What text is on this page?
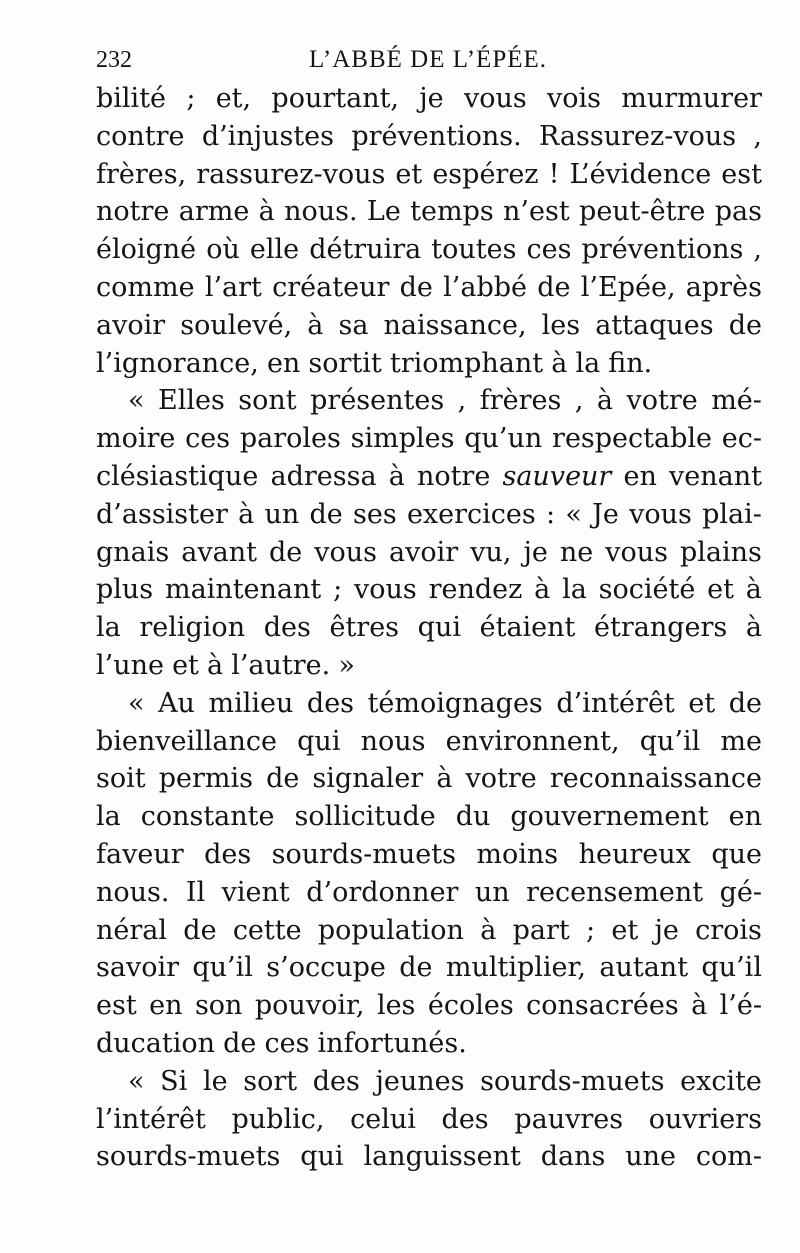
232	L’ABBÉ DE L’ÉPÉE.
bilité ; et, pourtant, je vous vois murmurer
contre d’injustes préventions. Rassurez-vous ,
frères, rassurez-vous et espérez ! L’évidence est
notre arme à nous. Le temps n’est peut-être pas
éloigné où elle détruira toutes ces préventions ,
comme l’art créateur de l’abbé de l’Epée, après
avoir soulevé, à sa naissance, les attaques de
l’ignorance, en sortit triomphant à la fin.
« Elles sont présentes , frères , à votre mé-
moire ces paroles simples qu’un respectable ec-
clésiastique adressa à notre sauveur en venant
d’assister à un de ses exercices : « Je vous plai-
gnais avant de vous avoir vu, je ne vous plains
plus maintenant ; vous rendez à la société et à
la religion des êtres qui étaient étrangers à
l’une et à l’autre. »
« Au milieu des témoignages d’intérêt et de
bienveillance qui nous environnent, qu’il me
soit permis de signaler à votre reconnaissance
la constante sollicitude du gouvernement en
faveur des sourds-muets moins heureux que
nous. Il vient d’ordonner un recensement gé-
néral de cette population à part ; et je crois
savoir qu’il s’occupe de multiplier, autant qu’il
est en son pouvoir, les écoles consacrées à l’é-
ducation de ces infortunés.
« Si le sort des jeunes sourds-muets excite
l’intérêt public, celui des pauvres ouvriers
sourds-muets qui languissent dans une com-
